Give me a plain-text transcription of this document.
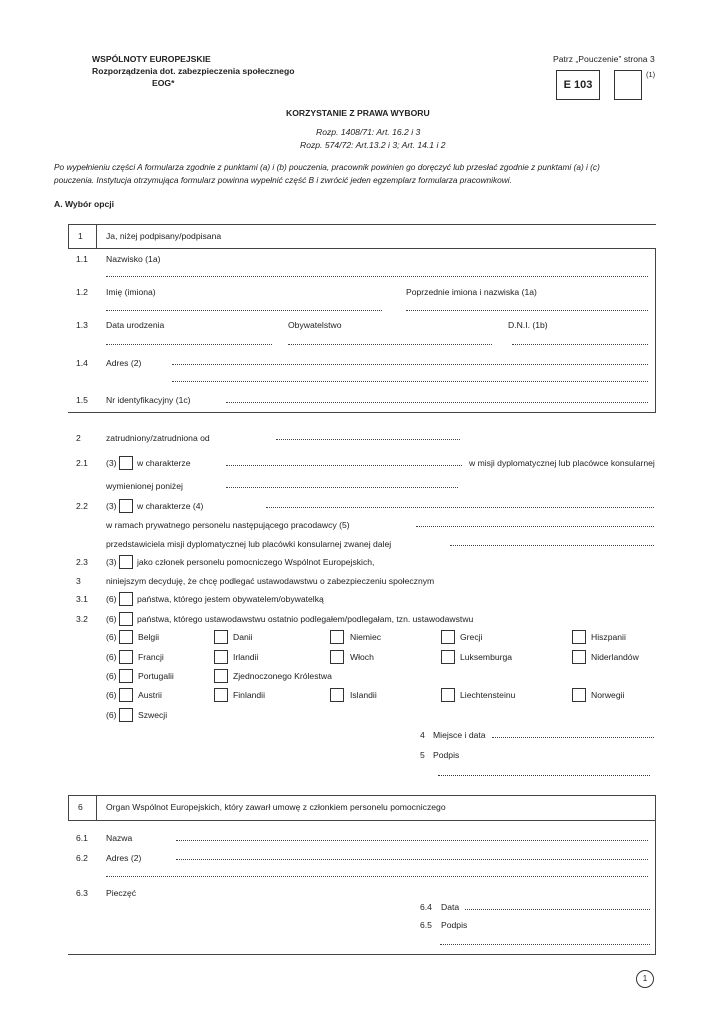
WSPÓLNOTY EUROPEJSKIE
Rozporządzenia dot. zabezpieczenia społecznego
EOG*
Patrz „Pouczenie” strona 3
E 103
(1)
KORZYSTANIE Z PRAWA WYBORU
Rozp. 1408/71: Art. 16.2 i 3
Rozp. 574/72: Art.13.2 i 3; Art. 14.1 i 2
Po wypełnieniu części A formularza zgodnie z punktami (a) i (b) pouczenia, pracownik powinien go doręczyć lub przesłać zgodnie z punktami (a) i (c)
pouczenia. Instytucja otrzymująca formularz powinna wypełnić część B i zwrócić jeden egzemplarz formularza pracownikowi.
A. Wybór opcji
1	Ja, niżej podpisany/podpisana
1.1 Nazwisko (1a)
1.2 Imię (imiona)	Poprzednie imiona i nazwiska (1a)
1.3 Data urodzenia	Obywatelstwo	D.N.I. (1b)
1.4 Adres (2)
1.5 Nr identyfikacyjny (1c)
2	zatrudniony/zatrudniona od
2.1 (3) w charakterze	w misji dyplomatycznej lub placówce konsularnej
wymienionej poniżej
2.2 (3) w charakterze (4)
w ramach prywatnego personelu następującego pracodawcy (5)
przedstawiciela misji dyplomatycznej lub placówki konsularnej zwanej dalej
2.3 (3) jako członek personelu pomocniczego Wspólnot Europejskich,
3	niniejszym decyduję, że chcę podlegać ustawodawstwu o zabezpieczeniu społecznym
3.1 (6) państwa, którego jestem obywatelem/obywatelką
3.2 (6) państwa, którego ustawodawstwu ostatnio podlegałem/podlegałam, tzn. ustawodawstwu
(6) Belgii	Danii	Niemiec	Grecji	Hiszpanii
(6) Francji	Irlandii	Włoch	Luksemburga	Niderlandów
(6) Portugalii	Zjednoczonego Królestwa
(6) Austrii	Finlandii	Islandii	Liechtensteinu	Norwegii
(6) Szwecji
4 Miejsce i data
5 Podpis
6	Organ Wspólnot Europejskich, który zawarł umowę z członkiem personelu pomocniczego
6.1 Nazwa
6.2 Adres (2)
6.3 Pieczęć
6.4 Data
6.5 Podpis
1
